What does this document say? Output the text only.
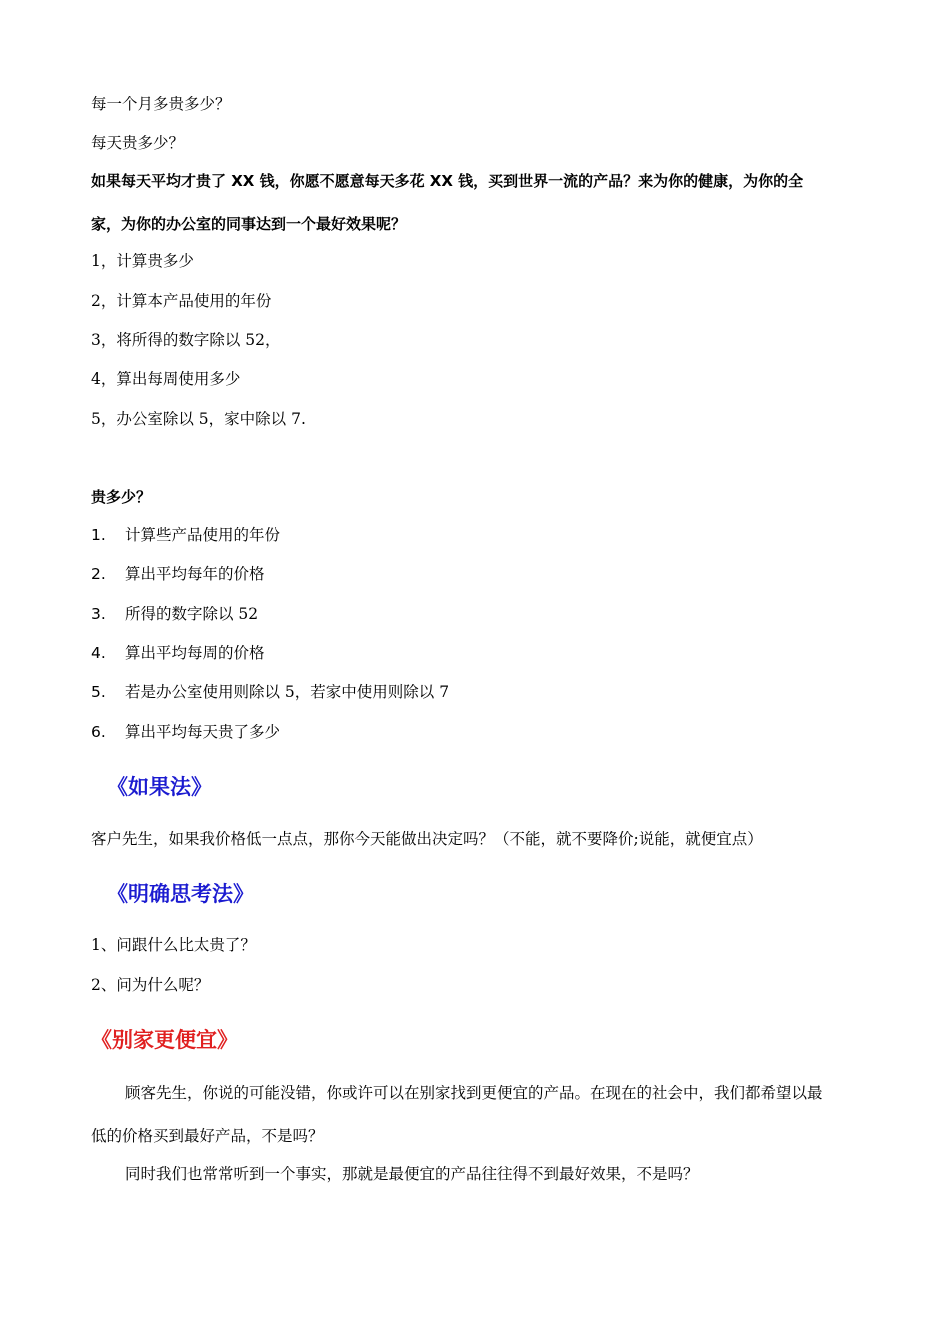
每一个月多贵多少？
每天贵多少？
如果每天平均才贵了 XX 钱，你愿不愿意每天多花 XX 钱，买到世界一流的产品？来为你的健康，为你的全
家，为你的办公室的同事达到一个最好效果呢？
1，计算贵多少
2，计算本产品使用的年份
3，将所得的数字除以 52，
4，算出每周使用多少
5，办公室除以 5，家中除以 7.
贵多少？
1. 计算些产品使用的年份
2. 算出平均每年的价格
3. 所得的数字除以 52
4. 算出平均每周的价格
5. 若是办公室使用则除以 5，若家中使用则除以 7
6. 算出平均每天贵了多少
《如果法》
客户先生，如果我价格低一点点，那你今天能做出决定吗？（不能，就不要降价;说能，就便宜点）
《明确思考法》
1、问跟什么比太贵了？
2、问为什么呢？
《别家更便宜》
顾客先生，你说的可能没错，你或许可以在别家找到更便宜的产品。在现在的社会中，我们都希望以最
低的价格买到最好产品，不是吗？
同时我们也常常听到一个事实，那就是最便宜的产品往往得不到最好效果，不是吗？
